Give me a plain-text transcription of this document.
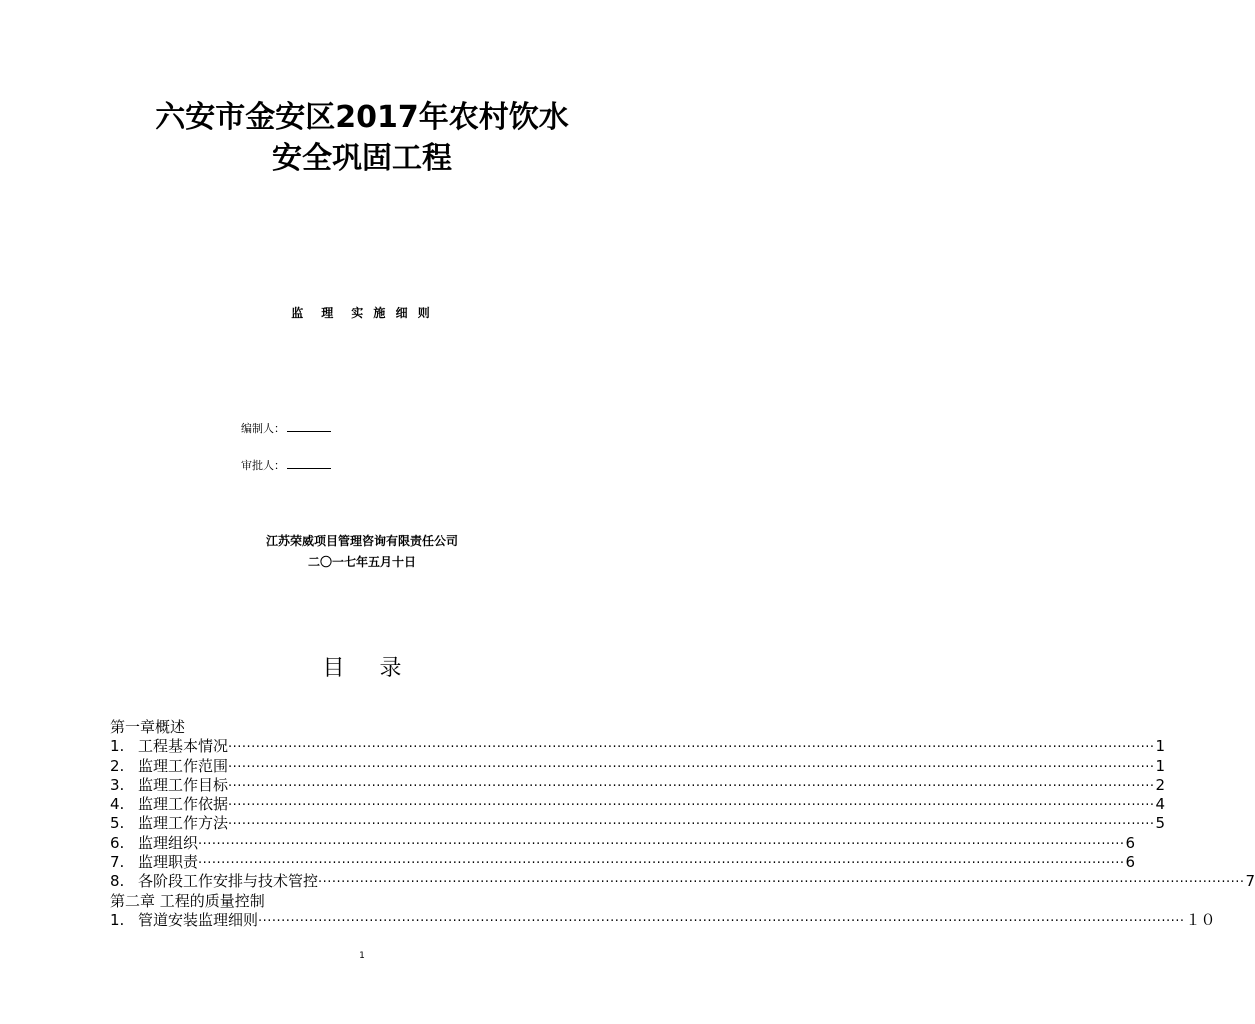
六安市金安区2017年农村饮水
安全巩固工程
监　理　实 施 细 则
编制人：
审批人：
江苏荣威项目管理咨询有限责任公司
二〇一七年五月十日
目 录
第一章概述
1. 工程基本情况 ········································································································································································································ 1
2. 监理工作范围 ········································································································································································································ 1
3. 监理工作目标 ········································································································································································································ 2
4. 监理工作依据 ········································································································································································································ 4
5. 监理工作方法 ········································································································································································································ 5
6. 监理组织 ········································································································································································································ 6
7. 监理职责 ········································································································································································································ 6
8. 各阶段工作安排与技术管控 ········································································································································································································ 7
第二章 工程的质量控制
1. 管道安装监理细则 ········································································································································································································ １０
1
